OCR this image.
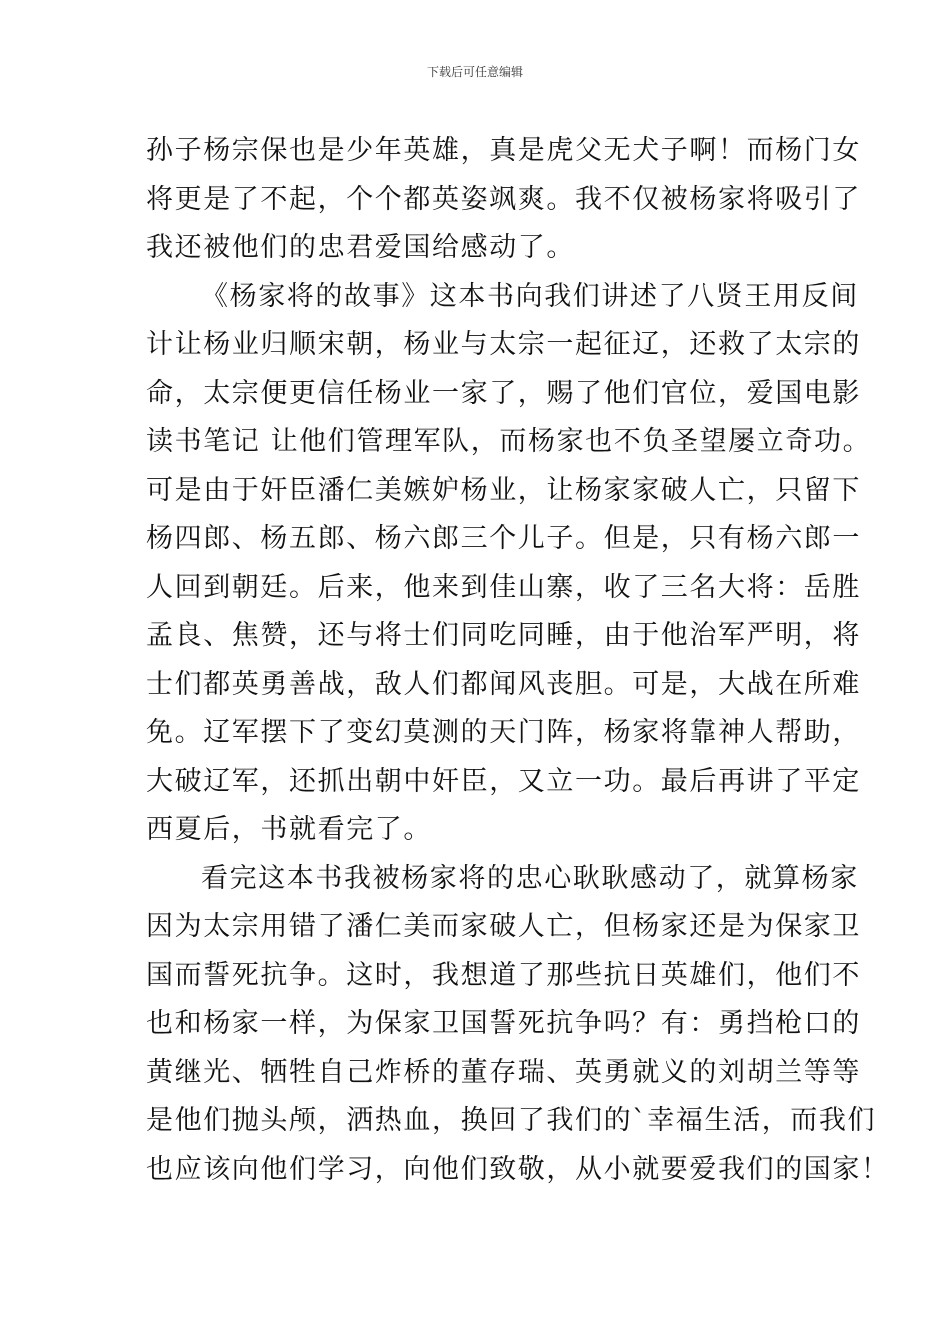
下载后可任意编辑
孙子杨宗保也是少年英雄，真是虎父无犬子啊！而杨门女
将更是了不起，个个都英姿飒爽。我不仅被杨家将吸引了
我还被他们的忠君爱国给感动了。
《杨家将的故事》这本书向我们讲述了八贤王用反间
计让杨业归顺宋朝，杨业与太宗一起征辽，还救了太宗的
命，太宗便更信任杨业一家了，赐了他们官位，爱国电影
读书笔记 让他们管理军队，而杨家也不负圣望屡立奇功。
可是由于奸臣潘仁美嫉妒杨业，让杨家家破人亡，只留下
杨四郎、杨五郎、杨六郎三个儿子。但是，只有杨六郎一
人回到朝廷。后来，他来到佳山寨，收了三名大将：岳胜
孟良、焦赞，还与将士们同吃同睡，由于他治军严明，将
士们都英勇善战，敌人们都闻风丧胆。可是，大战在所难
免。辽军摆下了变幻莫测的天门阵，杨家将靠神人帮助，
大破辽军，还抓出朝中奸臣，又立一功。最后再讲了平定
西夏后，书就看完了。
看完这本书我被杨家将的忠心耿耿感动了，就算杨家
因为太宗用错了潘仁美而家破人亡，但杨家还是为保家卫
国而誓死抗争。这时，我想道了那些抗日英雄们，他们不
也和杨家一样，为保家卫国誓死抗争吗？有：勇挡枪口的
黄继光、牺牲自己炸桥的董存瑞、英勇就义的刘胡兰等等
是他们抛头颅，洒热血，换回了我们的`幸福生活，而我们
也应该向他们学习，向他们致敬，从小就要爱我们的国家！
